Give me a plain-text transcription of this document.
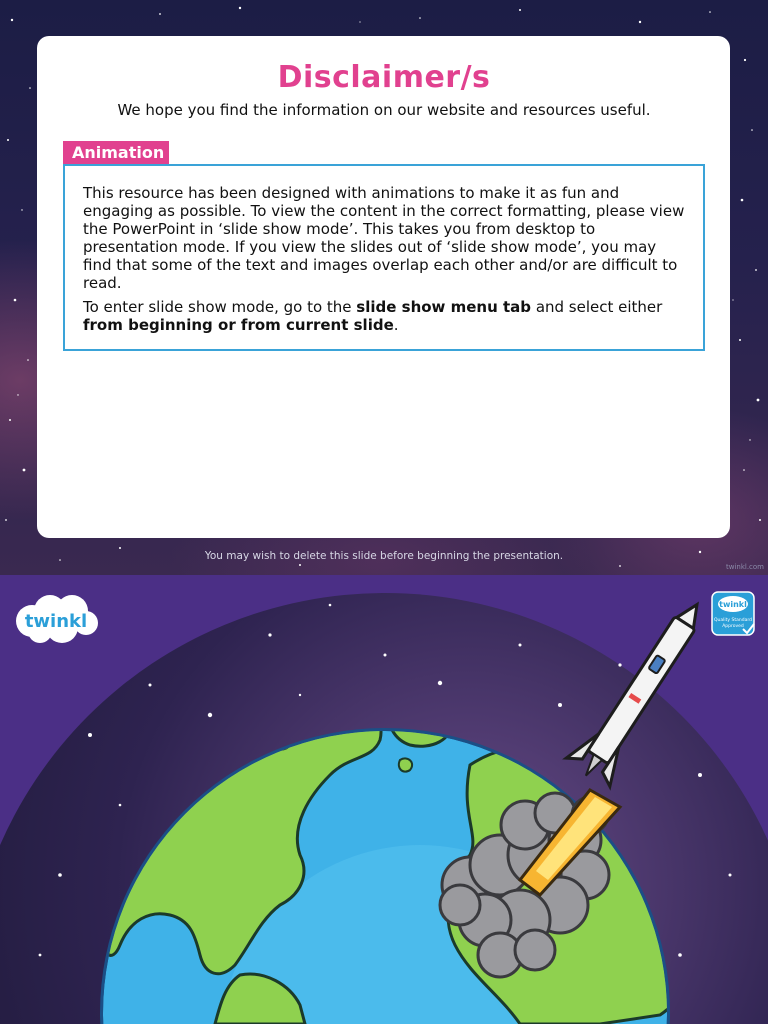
Disclaimer/s

We hope you find the information on our website and resources useful.

Animation

This resource has been designed with animations to make it as fun and engaging as possible. To view the content in the correct formatting, please view the PowerPoint in ‘slide show mode’. This takes you from desktop to presentation mode. If you view the slides out of ‘slide show mode’, you may find that some of the text and images overlap each other and/or are difficult to read.

To enter slide show mode, go to the slide show menu tab and select either from beginning or from current slide.

You may wish to delete this slide before beginning the presentation.
twinkl.com
twinkl
twinkl
Quality Standard
Approved
